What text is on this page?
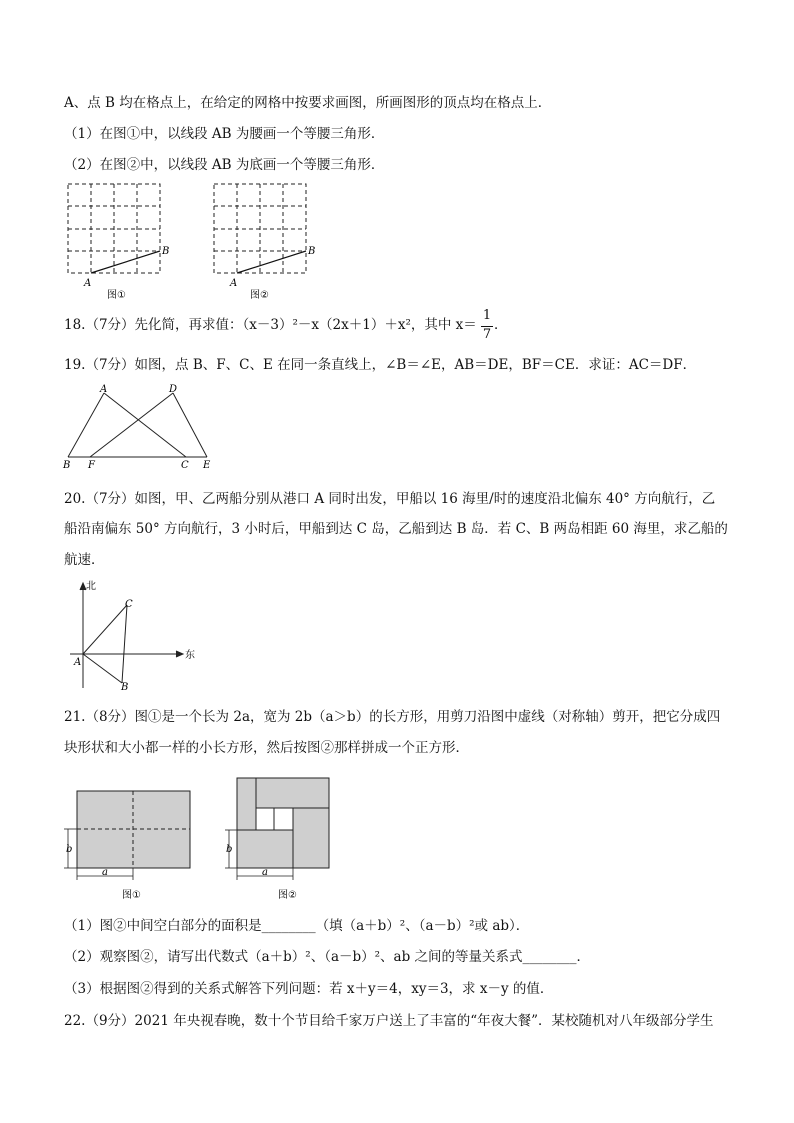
A、点 B 均在格点上，在给定的网格中按要求画图，所画图形的顶点均在格点上．
（1）在图①中，以线段 AB 为腰画一个等腰三角形．
（2）在图②中，以线段 AB 为底画一个等腰三角形．
A
B
图①
A
B
图②
18.（7分）先化简，再求值：（x－3）²－x（2x＋1）＋x²，其中 x＝
1
7
．
19.（7分）如图，点 B、F、C、E 在同一条直线上，∠B＝∠E，AB＝DE，BF＝CE．求证：AC＝DF．
A	D
B F	C E
20.（7分）如图，甲、乙两船分别从港口 A 同时出发，甲船以 16 海里/时的速度沿北偏东 40° 方向航行，乙
船沿南偏东 50° 方向航行，3 小时后，甲船到达 C 岛，乙船到达 B 岛．若 C、B 两岛相距 60 海里，求乙船的
航速．
北
东
A
B
C
21.（8分）图①是一个长为 2a，宽为 2b（a＞b）的长方形，用剪刀沿图中虚线（对称轴）剪开，把它分成四
块形状和大小都一样的小长方形，然后按图②那样拼成一个正方形．
b
a
图①
b
a
图②
（1）图②中间空白部分的面积是________（填（a＋b）²、（a－b）²或 ab）．
（2）观察图②，请写出代数式（a＋b）²、（a－b）²、ab 之间的等量关系式________．
（3）根据图②得到的关系式解答下列问题：若 x＋y＝4，xy＝3，求 x－y 的值．
22.（9分）2021 年央视春晚，数十个节目给千家万户送上了丰富的“年夜大餐”．某校随机对八年级部分学生
